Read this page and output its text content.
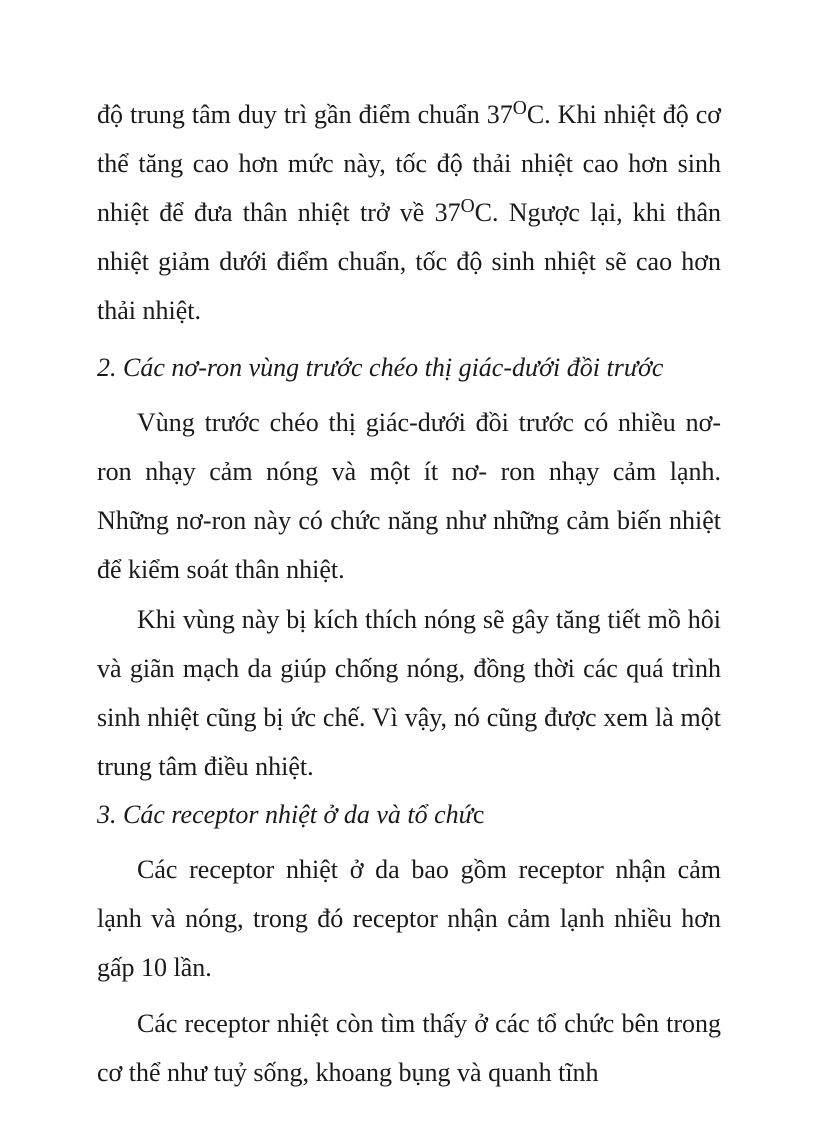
độ trung tâm duy trì gần điểm chuẩn $37^OC$. Khi nhiệt độ cơ thể tăng cao hơn mức này, tốc độ thải nhiệt cao hơn sinh nhiệt để đưa thân nhiệt trở về $37^OC$. Ngược lại, khi thân nhiệt giảm dưới điểm chuẩn, tốc độ sinh nhiệt sẽ cao hơn thải nhiệt.

2. Các nơ-ron vùng trước chéo thị giác-dưới đồi trước

Vùng trước chéo thị giác-dưới đồi trước có nhiều nơ-ron nhạy cảm nóng và một ít nơ- ron nhạy cảm lạnh. Những nơ-ron này có chức năng như những cảm biến nhiệt để kiểm soát thân nhiệt.

Khi vùng này bị kích thích nóng sẽ gây tăng tiết mồ hôi và giãn mạch da giúp chống nóng, đồng thời các quá trình sinh nhiệt cũng bị ức chế. Vì vậy, nó cũng được xem là một trung tâm điều nhiệt.

3. Các receptor nhiệt ở da và tổ chức

Các receptor nhiệt ở da bao gồm receptor nhận cảm lạnh và nóng, trong đó receptor nhận cảm lạnh nhiều hơn gấp 10 lần.

Các receptor nhiệt còn tìm thấy ở các tổ chức bên trong cơ thể như tuỷ sống, khoang bụng và quanh tĩnh
